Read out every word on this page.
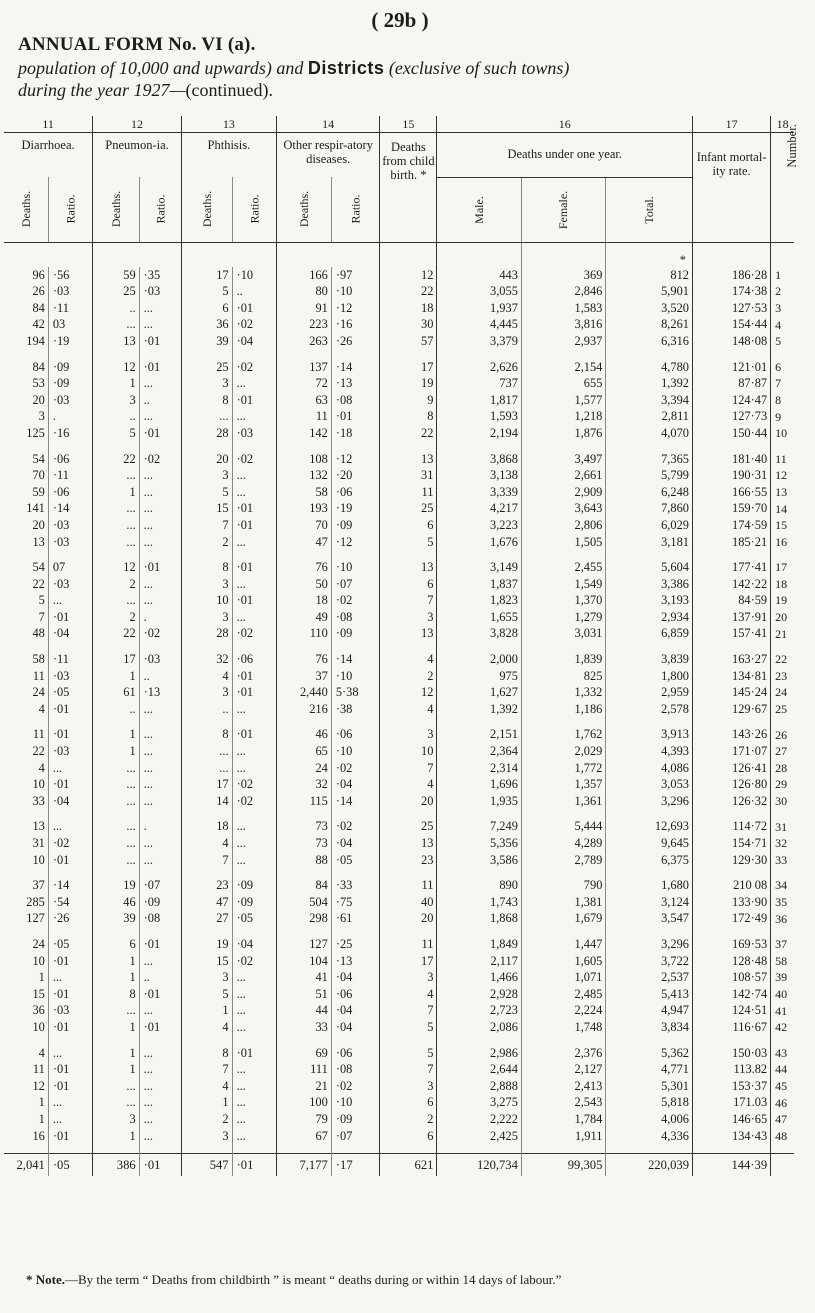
( 29b )
ANNUAL FORM No. VI (a).
population of 10,000 and upwards) and Districts (exclusive of such towns)
during the year 1927—(continued).
11		12		13		14		15	16			17	18
Diarrhoea.		Pneumon-ia.		Phthisis.		Other respir-atory diseases.		Deaths from child birth. *	Deaths under one year.			Infant mortal-ity rate.	Number.
Deaths.	Ratio.	Deaths.	Ratio.	Deaths.	Ratio.	Deaths.	Ratio.		Male.	Female.	Total.		
											*		
96	·56	59	·35	17	·10	166	·97	12	443	369	812	186·28	1
26	·03	25	·03	5	..	80	·10	22	3,055	2,846	5,901	174·38	2
84	·11	..	...	6	·01	91	·12	18	1,937	1,583	3,520	127·53	3
42	03	...	...	36	·02	223	·16	30	4,445	3,816	8,261	154·44	4
194	·19	13	·01	39	·04	263	·26	57	3,379	2,937	6,316	148·08	5

84	·09	12	·01	25	·02	137	·14	17	2,626	2,154	4,780	121·01	6
53	·09	1	...	3	...	72	·13	19	737	655	1,392	87·87	7
20	·03	3	..	8	·01	63	·08	9	1,817	1,577	3,394	124·47	8
3	.	..	...	...	...	11	·01	8	1,593	1,218	2,811	127·73	9
125	·16	5	·01	28	·03	142	·18	22	2,194	1,876	4,070	150·44	10

54	·06	22	·02	20	·02	108	·12	13	3,868	3,497	7,365	181·40	11
70	·11	...	...	3	...	132	·20	31	3,138	2,661	5,799	190·31	12
59	·06	1	...	5	...	58	·06	11	3,339	2,909	6,248	166·55	13
141	·14	...	...	15	·01	193	·19	25	4,217	3,643	7,860	159·70	14
20	·03	...	...	7	·01	70	·09	6	3,223	2,806	6,029	174·59	15
13	·03	...	...	2	...	47	·12	5	1,676	1,505	3,181	185·21	16

54	07	12	·01	8	·01	76	·10	13	3,149	2,455	5,604	177·41	17
22	·03	2	...	3	...	50	·07	6	1,837	1,549	3,386	142·22	18
5	...	...	...	10	·01	18	·02	7	1,823	1,370	3,193	84·59	19
7	·01	2	.	3	...	49	·08	3	1,655	1,279	2,934	137·91	20
48	·04	22	·02	28	·02	110	·09	13	3,828	3,031	6,859	157·41	21

58	·11	17	·03	32	·06	76	·14	4	2,000	1,839	3,839	163·27	22
11	·03	1	..	4	·01	37	·10	2	975	825	1,800	134·81	23
24	·05	61	·13	3	·01	2,440	5·38	12	1,627	1,332	2,959	145·24	24
4	·01	..	...	..	...	216	·38	4	1,392	1,186	2,578	129·67	25

11	·01	1	...	8	·01	46	·06	3	2,151	1,762	3,913	143·26	26
22	·03	1	...	...	...	65	·10	10	2,364	2,029	4,393	171·07	27
4	...	...	...	...	...	24	·02	7	2,314	1,772	4,086	126·41	28
10	·01	...	...	17	·02	32	·04	4	1,696	1,357	3,053	126·80	29
33	·04	...	...	14	·02	115	·14	20	1,935	1,361	3,296	126·32	30

13	...	...	.	18	...	73	·02	25	7,249	5,444	12,693	114·72	31
31	·02	...	...	4	...	73	·04	13	5,356	4,289	9,645	154·71	32
10	·01	...	...	7	...	88	·05	23	3,586	2,789	6,375	129·30	33

37	·14	19	·07	23	·09	84	·33	11	890	790	1,680	210 08	34
285	·54	46	·09	47	·09	504	·75	40	1,743	1,381	3,124	133·90	35
127	·26	39	·08	27	·05	298	·61	20	1,868	1,679	3,547	172·49	36

24	·05	6	·01	19	·04	127	·25	11	1,849	1,447	3,296	169·53	37
10	·01	1	...	15	·02	104	·13	17	2,117	1,605	3,722	128·48	58
1	...	1	..	3	...	41	·04	3	1,466	1,071	2,537	108·57	39
15	·01	8	·01	5	...	51	·06	4	2,928	2,485	5,413	142·74	40
36	·03	...	...	1	...	44	·04	7	2,723	2,224	4,947	124·51	41
10	·01	1	·01	4	...	33	·04	5	2,086	1,748	3,834	116·67	42

4	...	1	...	8	·01	69	·06	5	2,986	2,376	5,362	150·03	43
11	·01	1	...	7	...	111	·08	7	2,644	2,127	4,771	113.82	44
12	·01	...	...	4	...	21	·02	3	2,888	2,413	5,301	153·37	45
1	...	...	...	1	...	100	·10	6	3,275	2,543	5,818	171.03	46
1	...	3	...	2	...	79	·09	2	2,222	1,784	4,006	146·65	47
16	·01	1	...	3	...	67	·07	6	2,425	1,911	4,336	134·43	48

2,041	·05	386	·01	547	·01	7,177	·17	621	120,734	99,305	220,039	144·39	
* Note.—By the term “ Deaths from childbirth ” is meant “ deaths during or within 14 days of labour.”
